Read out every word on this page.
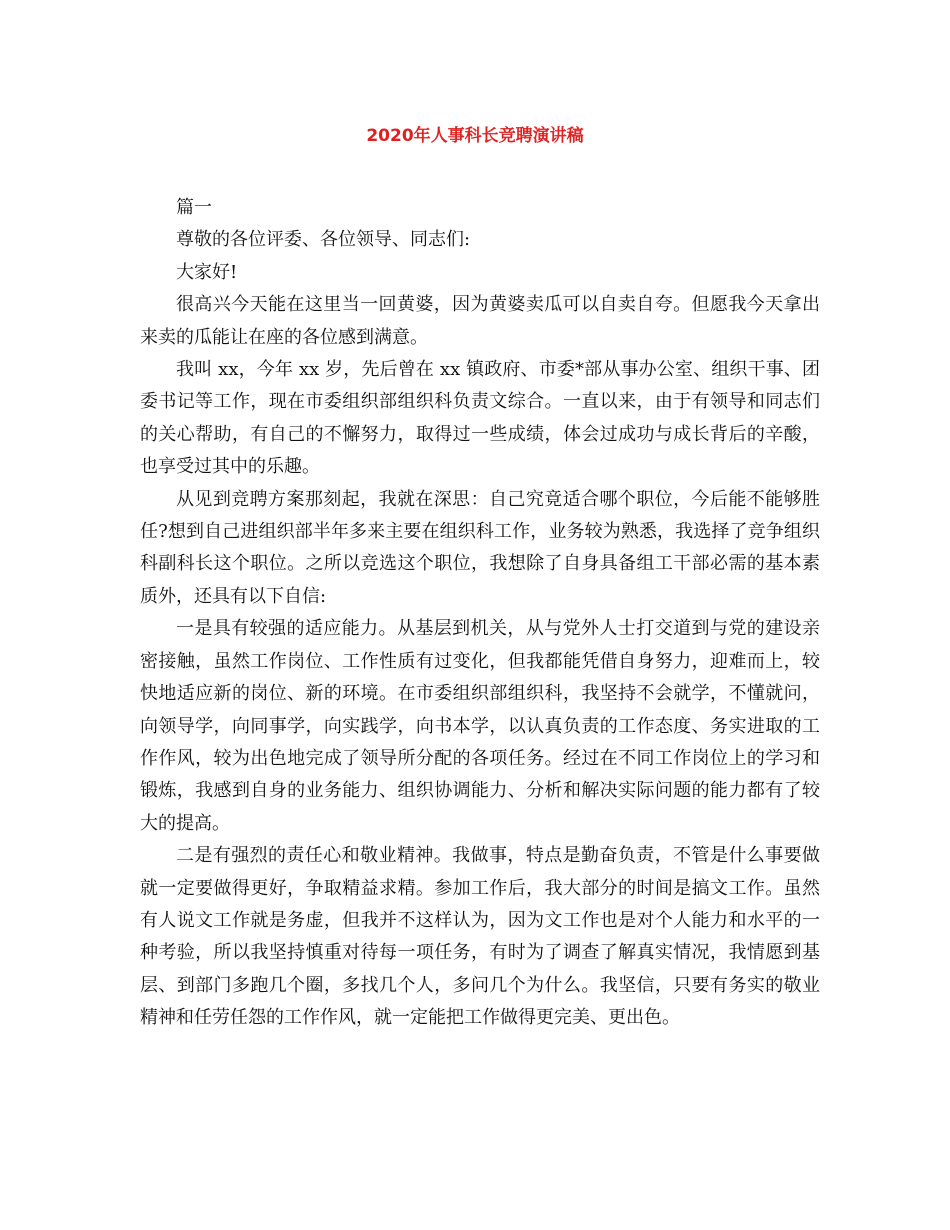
2020年人事科长竞聘演讲稿

篇一

尊敬的各位评委、各位领导、同志们:

大家好!

很高兴今天能在这里当一回黄婆，因为黄婆卖瓜可以自卖自夸。但愿我今天拿出来卖的瓜能让在座的各位感到满意。

我叫 xx，今年 xx 岁，先后曾在 xx 镇政府、市委*部从事办公室、组织干事、团委书记等工作，现在市委组织部组织科负责文综合。一直以来，由于有领导和同志们的关心帮助，有自己的不懈努力，取得过一些成绩，体会过成功与成长背后的辛酸，也享受过其中的乐趣。

从见到竞聘方案那刻起，我就在深思：自己究竟适合哪个职位，今后能不能够胜任?想到自己进组织部半年多来主要在组织科工作，业务较为熟悉，我选择了竞争组织科副科长这个职位。之所以竞选这个职位，我想除了自身具备组工干部必需的基本素质外，还具有以下自信:

一是具有较强的适应能力。从基层到机关，从与党外人士打交道到与党的建设亲密接触，虽然工作岗位、工作性质有过变化，但我都能凭借自身努力，迎难而上，较快地适应新的岗位、新的环境。在市委组织部组织科，我坚持不会就学，不懂就问，向领导学，向同事学，向实践学，向书本学，以认真负责的工作态度、务实进取的工作作风，较为出色地完成了领导所分配的各项任务。经过在不同工作岗位上的学习和锻炼，我感到自身的业务能力、组织协调能力、分析和解决实际问题的能力都有了较大的提高。

二是有强烈的责任心和敬业精神。我做事，特点是勤奋负责，不管是什么事要做就一定要做得更好，争取精益求精。参加工作后，我大部分的时间是搞文工作。虽然有人说文工作就是务虚，但我并不这样认为，因为文工作也是对个人能力和水平的一种考验，所以我坚持慎重对待每一项任务，有时为了调查了解真实情况，我情愿到基层、到部门多跑几个圈，多找几个人，多问几个为什么。我坚信，只要有务实的敬业精神和任劳任怨的工作作风，就一定能把工作做得更完美、更出色。
